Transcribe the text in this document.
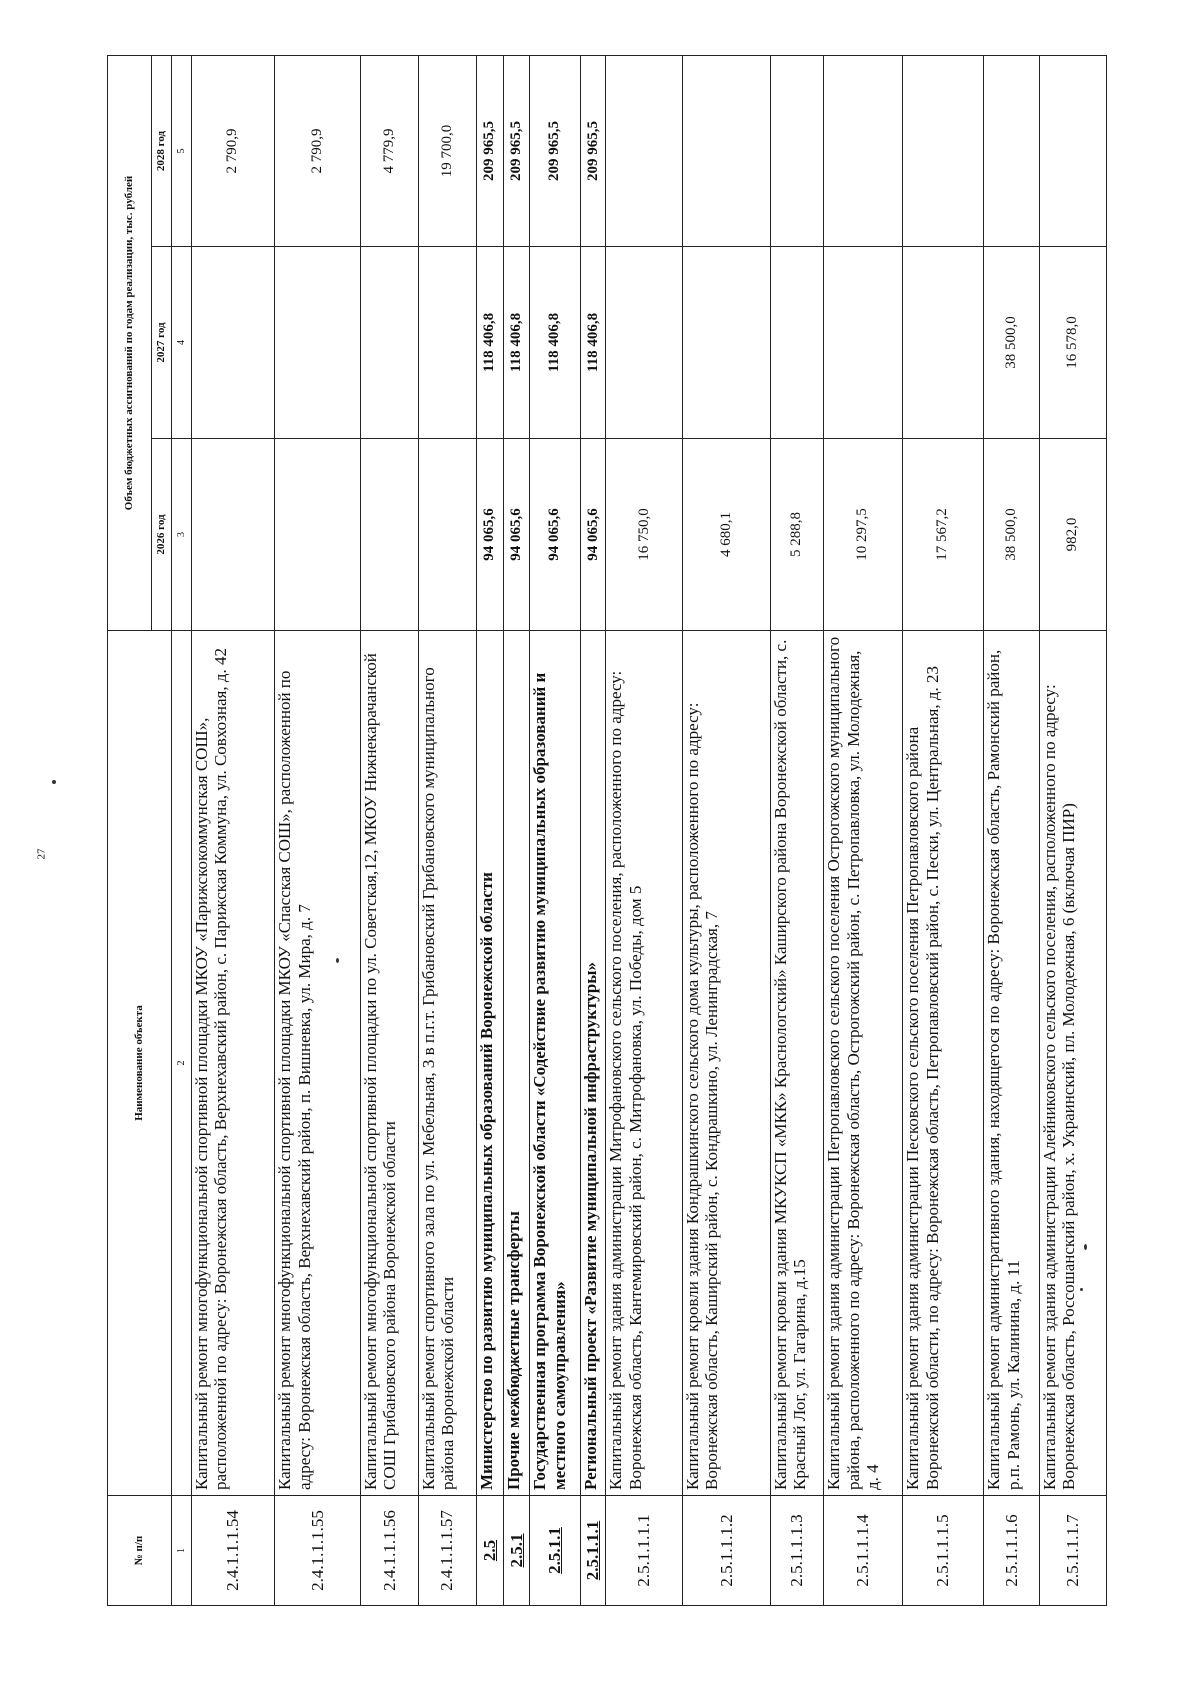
27
№ п/п	Наименование объекта	Объем бюджетных ассигнований по годам реализации, тыс. рублей		
		2026 год	2027 год	2028 год
1	2	3	4	5
2.4.1.1.1.54	Капитальный ремонт многофункциональной спортивной площадки МКОУ «Парижскокоммунская СОШ», расположенной по адресу: Воронежская область, Верхнехавский район, с. Парижская Коммуна, ул. Совхозная, д. 42			2 790,9
2.4.1.1.1.55	Капитальный ремонт многофункциональной спортивной площадки МКОУ «Спасская СОШ», расположенной по адресу: Воронежская область, Верхнехавский район, п. Вишневка, ул. Мира, д. 7			2 790,9
2.4.1.1.1.56	Капитальный ремонт многофункциональной спортивной площадки по ул. Советская,12, МКОУ Нижнекарачанской СОШ Грибановского района Воронежской области			4 779,9
2.4.1.1.1.57	Капитальный ремонт спортивного зала по ул. Мебельная, 3 в п.г.т. Грибановский Грибановского муниципального района Воронежской области			19 700,0
2.5	Министерство по развитию муниципальных образований Воронежской области	94 065,6	118 406,8	209 965,5
2.5.1	Прочие межбюджетные трансферты	94 065,6	118 406,8	209 965,5
2.5.1.1	Государственная программа Воронежской области «Содействие развитию муниципальных образований и местного самоуправления»	94 065,6	118 406,8	209 965,5
2.5.1.1.1	Региональный проект «Развитие муниципальной инфраструктуры»	94 065,6	118 406,8	209 965,5
2.5.1.1.1.1	Капитальный ремонт здания администрации Митрофановского сельского поселения, расположенного по адресу: Воронежская область, Кантемировский район, с. Митрофановка, ул. Победы, дом 5	16 750,0		
2.5.1.1.1.2	Капитальный ремонт кровли здания Кондрашкинского сельского дома культуры, расположенного по адресу: Воронежская область, Каширский район, с. Кондрашкино, ул. Ленинградская, 7	4 680,1		
2.5.1.1.1.3	Капитальный ремонт кровли здания МКУКСП «МКК» Краснологский» Каширского района Воронежской области, с. Красный Лог, ул. Гагарина, д.15	5 288,8		
2.5.1.1.1.4	Капитальный ремонт здания администрации Петропавловского сельского поселения Острогожского муниципального района, расположенного по адресу: Воронежская область, Острогожский район, с. Петропавловка, ул. Молодежная, д. 4	10 297,5		
2.5.1.1.1.5	Капитальный ремонт здания администрации Песковского сельского поселения Петропавловского района Воронежской области, по адресу: Воронежская область, Петропавловский район, с. Пески, ул. Центральная, д. 23	17 567,2		
2.5.1.1.1.6	Капитальный ремонт административного здания, находящегося по адресу: Воронежская область, Рамонский район, р.п. Рамонь, ул. Калинина, д. 11	38 500,0	38 500,0	
2.5.1.1.1.7	Капитальный ремонт здания администрации Алейниковского сельского поселения, расположенного по адресу: Воронежская область, Россошанский район, х. Украинский, пл. Молодежная, 6 (включая ПИР)	982,0	16 578,0	
